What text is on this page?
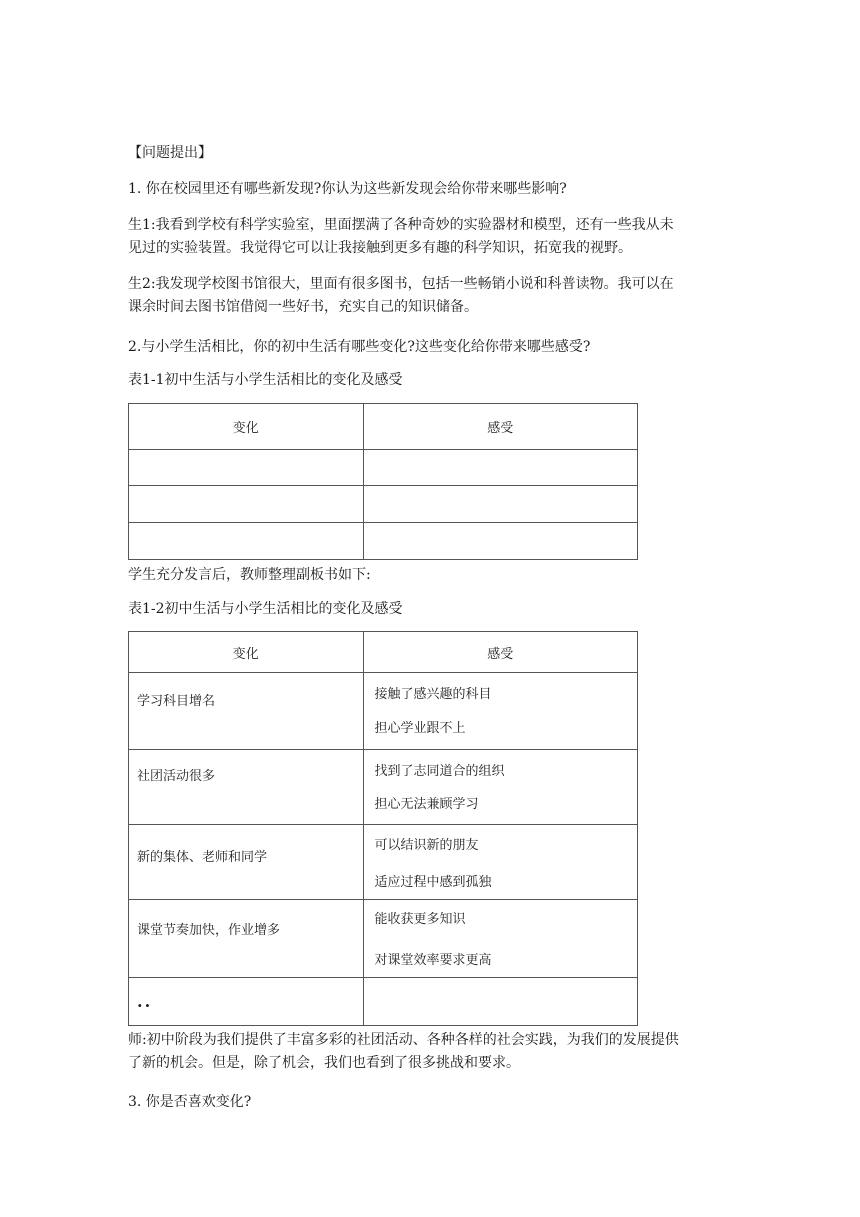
【问题提出】

1. 你在校园里还有哪些新发现?你认为这些新发现会给你带来哪些影响?

生1:我看到学校有科学实验室，里面摆满了各种奇妙的实验器材和模型，还有一些我从未
见过的实验装置。我觉得它可以让我接触到更多有趣的科学知识，拓宽我的视野。

生2:我发现学校图书馆很大，里面有很多图书，包括一些畅销小说和科普读物。我可以在
课余时间去图书馆借阅一些好书，充实自己的知识储备。

2.与小学生活相比，你的初中生活有哪些变化?这些变化给你带来哪些感受?

表1-1初中生活与小学生活相比的变化及感受

变化	感受

学生充分发言后，教师整理副板书如下:

表1-2初中生活与小学生活相比的变化及感受

变化	感受

学习科目增名	接触了感兴趣的科目
担心学业跟不上

社团活动很多	找到了志同道合的组织
担心无法兼顾学习

新的集体、老师和同学	可以结识新的朋友
适应过程中感到孤独

课堂节奏加快，作业增多	能收获更多知识
对课堂效率要求更高

··	

师:初中阶段为我们提供了丰富多彩的社团活动、各种各样的社会实践，为我们的发展提供
了新的机会。但是，除了机会，我们也看到了很多挑战和要求。

3. 你是否喜欢变化?
